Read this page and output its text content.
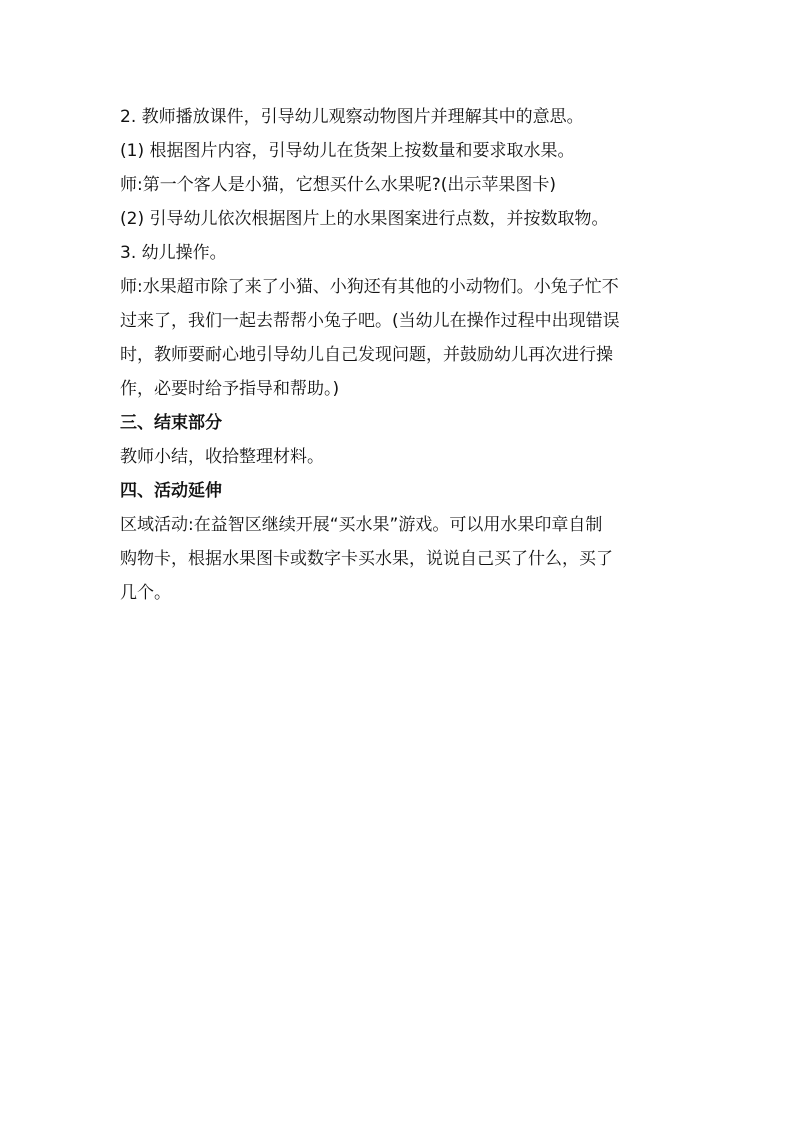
2. 教师播放课件，引导幼儿观察动物图片并理解其中的意思。

(1) 根据图片内容，引导幼儿在货架上按数量和要求取水果。

师:第一个客人是小猫，它想买什么水果呢?(出示苹果图卡)

(2) 引导幼儿依次根据图片上的水果图案进行点数，并按数取物。

3. 幼儿操作。

师:水果超市除了来了小猫、小狗还有其他的小动物们。小兔子忙不

过来了，我们一起去帮帮小兔子吧。(当幼儿在操作过程中出现错误

时，教师要耐心地引导幼儿自己发现问题，并鼓励幼儿再次进行操

作，必要时给予指导和帮助。)

三、结束部分

教师小结，收拾整理材料。

四、活动延伸

区域活动:在益智区继续开展“买水果”游戏。可以用水果印章自制

购物卡，根据水果图卡或数字卡买水果，说说自己买了什么，买了

几个。
